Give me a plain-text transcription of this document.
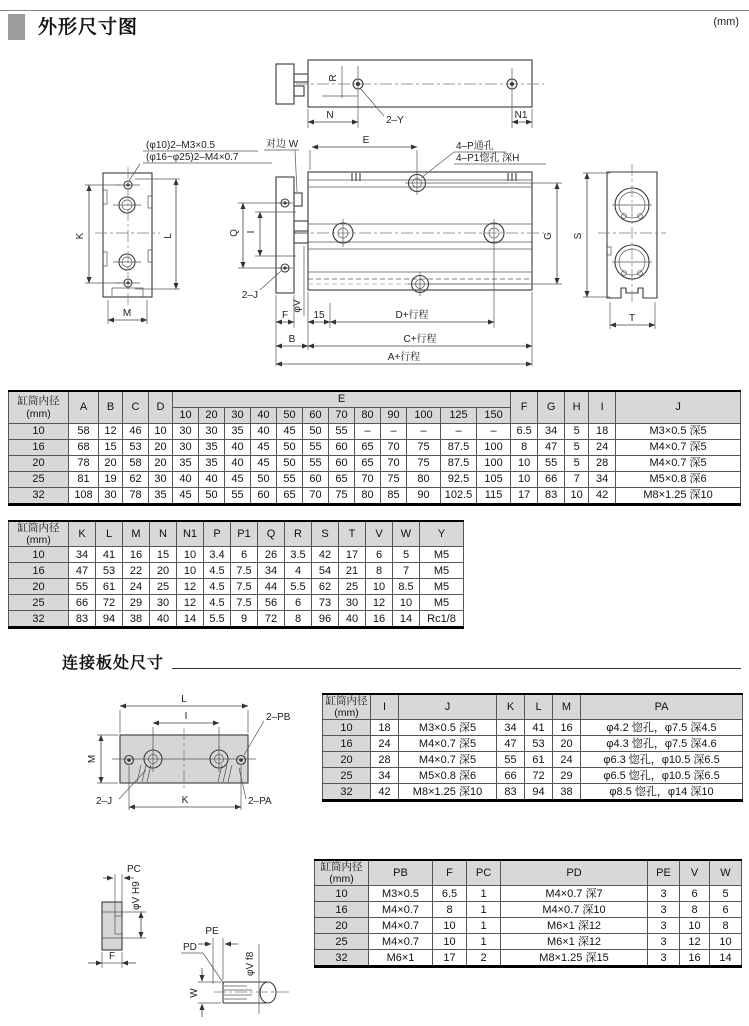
外形尺寸图	(mm)
R
N	2–Y	N1
K	L
M
(φ10)2–M3×0.5
(φ16~φ25)2–M4×0.7
对边 W	E
4–P通孔
4–P1惚孔 深H
Q I
G
2–J
φV
F	15	D+行程
B	C+行程
A+行程
S
T
缸筒内径
(mm)	A	B	C	D	E												F	G	H	I	J
					10	20	30	40	50	60	70	80	90	100	125	150					
10	58	12	46	10	30	30	35	40	45	50	55	–	–	–	–	–	6.5	34	5	18	M3×0.5 深5
16	68	15	53	20	30	35	40	45	50	55	60	65	70	75	87.5	100	8	47	5	24	M4×0.7 深5
20	78	20	58	20	35	35	40	45	50	55	60	65	70	75	87.5	100	10	55	5	28	M4×0.7 深5
25	81	19	62	30	40	40	45	50	55	60	65	70	75	80	92.5	105	10	66	7	34	M5×0.8 深6
32	108	30	78	35	45	50	55	60	65	70	75	80	85	90	102.5	115	17	83	10	42	M8×1.25 深10
缸筒内径
(mm)	K	L	M	N	N1	P	P1	Q	R	S	T	V	W	Y
10	34	41	16	15	10	3.4	6	26	3.5	42	17	6	5	M5
16	47	53	22	20	10	4.5	7.5	34	4	54	21	8	7	M5
20	55	61	24	25	12	4.5	7.5	44	5.5	62	25	10	8.5	M5
25	66	72	29	30	12	4.5	7.5	56	6	73	30	12	10	M5
32	83	94	38	40	14	5.5	9	72	8	96	40	16	14	Rc1/8
连接板处尺寸
L
I
M
2–PB
2–J	K	2–PA
缸筒内径
(mm)	I	J	K	L	M	PA
10	18	M3×0.5 深5	34	41	16	φ4.2 惚孔，φ7.5 深4.5
16	24	M4×0.7 深5	47	53	20	φ4.3 惚孔，φ7.5 深4.6
20	28	M4×0.7 深5	55	61	24	φ6.3 惚孔，φ10.5 深6.5
25	34	M5×0.8 深6	66	72	29	φ6.5 惚孔，φ10.5 深6.5
32	42	M8×1.25 深10	83	94	38	φ8.5 惚孔，φ14 深10
PC
φV H9
F	φV f8
PE
PD
W
缸筒内径
(mm)	PB	F	PC	PD	PE	V	W
10	M3×0.5	6.5	1	M4×0.7 深7	3	6	5
16	M4×0.7	8	1	M4×0.7 深10	3	8	6
20	M4×0.7	10	1	M6×1 深12	3	10	8
25	M4×0.7	10	1	M6×1 深12	3	12	10
32	M6×1	17	2	M8×1.25 深15	3	16	14
